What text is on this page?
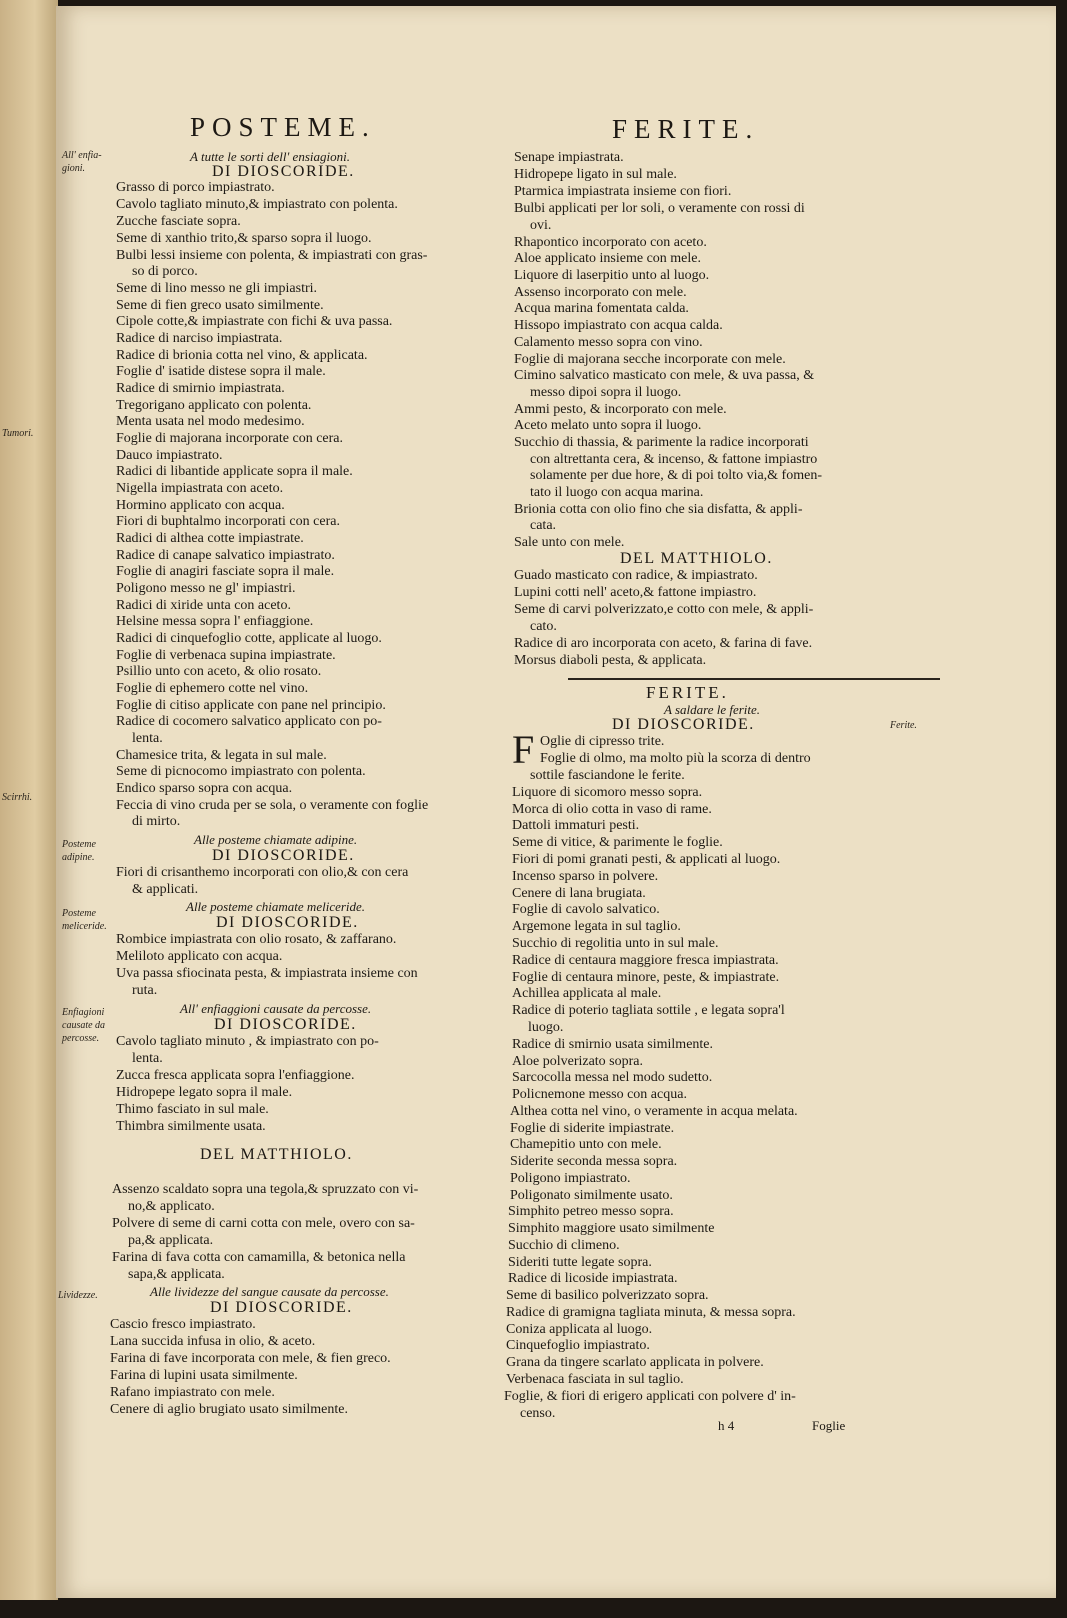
Tumori.
Scirrhi.
POSTEME.
A tutte le sorti dell' ensiagioni.
DI DIOSCORIDE.
Grasso di porco impiastrato.
Cavolo tagliato minuto,& impiastrato con polenta.
Zucche fasciate sopra.
Seme di xanthio trito,& sparso sopra il luogo.
Bulbi lessi insieme con polenta, & impiastrati con gras-
so di porco.
Seme di lino messo ne gli impiastri.
Seme di fien greco usato similmente.
Cipole cotte,& impiastrate con fichi & uva passa.
Radice di narciso impiastrata.
Radice di brionia cotta nel vino, & applicata.
Foglie d' isatide distese sopra il male.
Radice di smirnio impiastrata.
Tregorigano applicato con polenta.
Menta usata nel modo medesimo.
Foglie di majorana incorporate con cera.
Dauco impiastrato.
Radici di libantide applicate sopra il male.
Nigella impiastrata con aceto.
Hormino applicato con acqua.
Fiori di buphtalmo incorporati con cera.
Radici di althea cotte impiastrate.
Radice di canape salvatico impiastrato.
Foglie di anagiri fasciate sopra il male.
Poligono messo ne gl' impiastri.
Radici di xiride unta con aceto.
Helsine messa sopra l' enfiaggione.
Radici di cinquefoglio cotte, applicate al luogo.
Foglie di verbenaca supina impiastrate.
Psillio unto con aceto, & olio rosato.
Foglie di ephemero cotte nel vino.
Foglie di citiso applicate con pane nel principio.
Radice di cocomero salvatico applicato con po-
lenta.
Chamesice trita, & legata in sul male.
Seme di picnocomo impiastrato con polenta.
Endico sparso sopra con acqua.
Feccia di vino cruda per se sola, o veramente con foglie
di mirto.
Alle posteme chiamate adipine.
DI DIOSCORIDE.
Fiori di crisanthemo incorporati con olio,& con cera
& applicati.
Alle posteme chiamate meliceride.
DI DIOSCORIDE.
Rombice impiastrata con olio rosato, & zaffarano.
Meliloto applicato con acqua.
Uva passa sfiocinata pesta, & impiastrata insieme con
ruta.
All' enfiaggioni causate da percosse.
DI DIOSCORIDE.
Cavolo tagliato minuto , & impiastrato con po-
lenta.
Zucca fresca applicata sopra l'enfiaggione.
Hidropepe legato sopra il male.
Thimo fasciato in sul male.
Thimbra similmente usata.
DEL MATTHIOLO.
Assenzo scaldato sopra una tegola,& spruzzato con vi-
no,& applicato.
Polvere di seme di carni cotta con mele, overo con sa-
pa,& applicata.
Farina di fava cotta con camamilla, & betonica nella
sapa,& applicata.
Alle lividezze del sangue causate da percosse.
DI DIOSCORIDE.
Cascio fresco impiastrato.
Lana succida infusa in olio, & aceto.
Farina di fave incorporata con mele, & fien greco.
Farina di lupini usata similmente.
Rafano impiastrato con mele.
Cenere di aglio brugiato usato similmente.
All' enfia-
gioni.
Posteme
adipine.
Posteme
meliceride.
Enfiagioni
causate da
percosse.
Lividezze.
FERITE.
Senape impiastrata.
Hidropepe ligato in sul male.
Ptarmica impiastrata insieme con fiori.
Bulbi applicati per lor soli, o veramente con rossi di
ovi.
Rhapontico incorporato con aceto.
Aloe applicato insieme con mele.
Liquore di laserpitio unto al luogo.
Assenso incorporato con mele.
Acqua marina fomentata calda.
Hissopo impiastrato con acqua calda.
Calamento messo sopra con vino.
Foglie di majorana secche incorporate con mele.
Cimino salvatico masticato con mele, & uva passa, &
messo dipoi sopra il luogo.
Ammi pesto, & incorporato con mele.
Aceto melato unto sopra il luogo.
Succhio di thassia, & parimente la radice incorporati
con altrettanta cera, & incenso, & fattone impiastro
solamente per due hore, & di poi tolto via,& fomen-
tato il luogo con acqua marina.
Brionia cotta con olio fino che sia disfatta, & appli-
cata.
Sale unto con mele.
DEL MATTHIOLO.
Guado masticato con radice, & impiastrato.
Lupini cotti nell' aceto,& fattone impiastro.
Seme di carvi polverizzato,e cotto con mele, & appli-
cato.
Radice di aro incorporata con aceto, & farina di fave.
Morsus diaboli pesta, & applicata.
FERITE.
A saldare le ferite.
DI DIOSCORIDE.	Ferite.
F Oglie di cipresso trite.
Foglie di olmo, ma molto più la scorza di dentro
sottile fasciandone le ferite.
Liquore di sicomoro messo sopra.
Morca di olio cotta in vaso di rame.
Dattoli immaturi pesti.
Seme di vitice, & parimente le foglie.
Fiori di pomi granati pesti, & applicati al luogo.
Incenso sparso in polvere.
Cenere di lana brugiata.
Foglie di cavolo salvatico.
Argemone legata in sul taglio.
Succhio di regolitia unto in sul male.
Radice di centaura maggiore fresca impiastrata.
Foglie di centaura minore, peste, & impiastrate.
Achillea applicata al male.
Radice di poterio tagliata sottile , e legata sopra'l
luogo.
Radice di smirnio usata similmente.
Aloe polverizato sopra.
Sarcocolla messa nel modo sudetto.
Policnemone messo con acqua.
Althea cotta nel vino, o veramente in acqua melata.
Foglie di siderite impiastrate.
Chamepitio unto con mele.
Siderite seconda messa sopra.
Poligono impiastrato.
Poligonato similmente usato.
Simphito petreo messo sopra.
Simphito maggiore usato similmente
Succhio di climeno.
Sideriti tutte legate sopra.
Radice di licoside impiastrata.
Seme di basilico polverizzato sopra.
Radice di gramigna tagliata minuta, & messa sopra.
Coniza applicata al luogo.
Cinquefoglio impiastrato.
Grana da tingere scarlato applicata in polvere.
Verbenaca fasciata in sul taglio.
Foglie, & fiori di erigero applicati con polvere d' in-
censo.
h 4	Foglie
